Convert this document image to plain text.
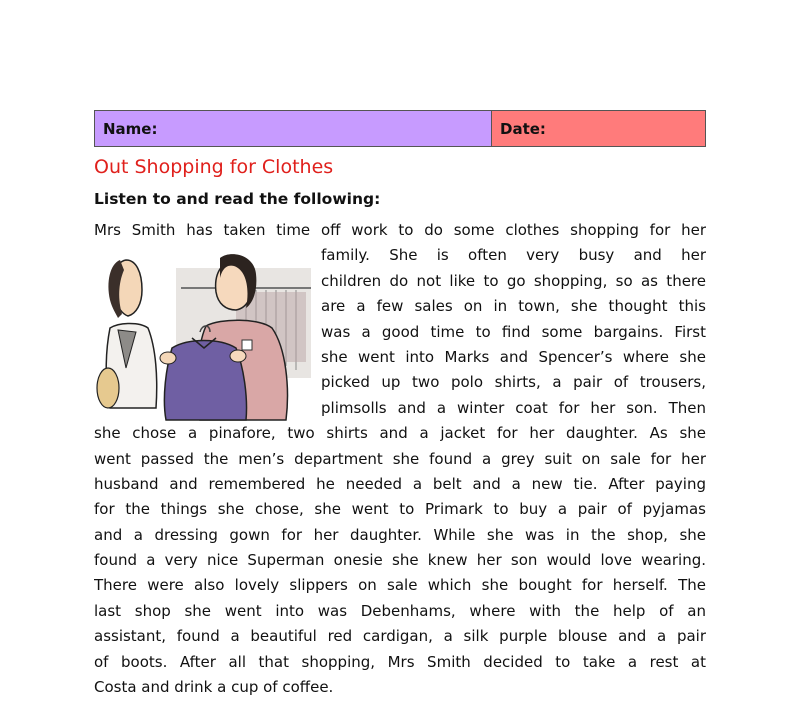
Name:	Date:
Out Shopping for Clothes

Listen to and read the following:

Mrs Smith has taken time off work to do some clothes shopping for her
family. She is often very busy and her
children do not like to go shopping, so as there
are a few sales on in town, she thought this
was a good time to find some bargains. First
she went into Marks and Spencer’s where she
picked up two polo shirts, a pair of trousers,
plimsolls and a winter coat for her son. Then
she chose a pinafore, two shirts and a jacket for her daughter. As she
went passed the men’s department she found a grey suit on sale for her
husband and remembered he needed a belt and a new tie. After paying
for the things she chose, she went to Primark to buy a pair of pyjamas
and a dressing gown for her daughter. While she was in the shop, she
found a very nice Superman onesie she knew her son would love wearing.
There were also lovely slippers on sale which she bought for herself. The
last shop she went into was Debenhams, where with the help of an
assistant, found a beautiful red cardigan, a silk purple blouse and a pair
of boots. After all that shopping, Mrs Smith decided to take a rest at
Costa and drink a cup of coffee.
